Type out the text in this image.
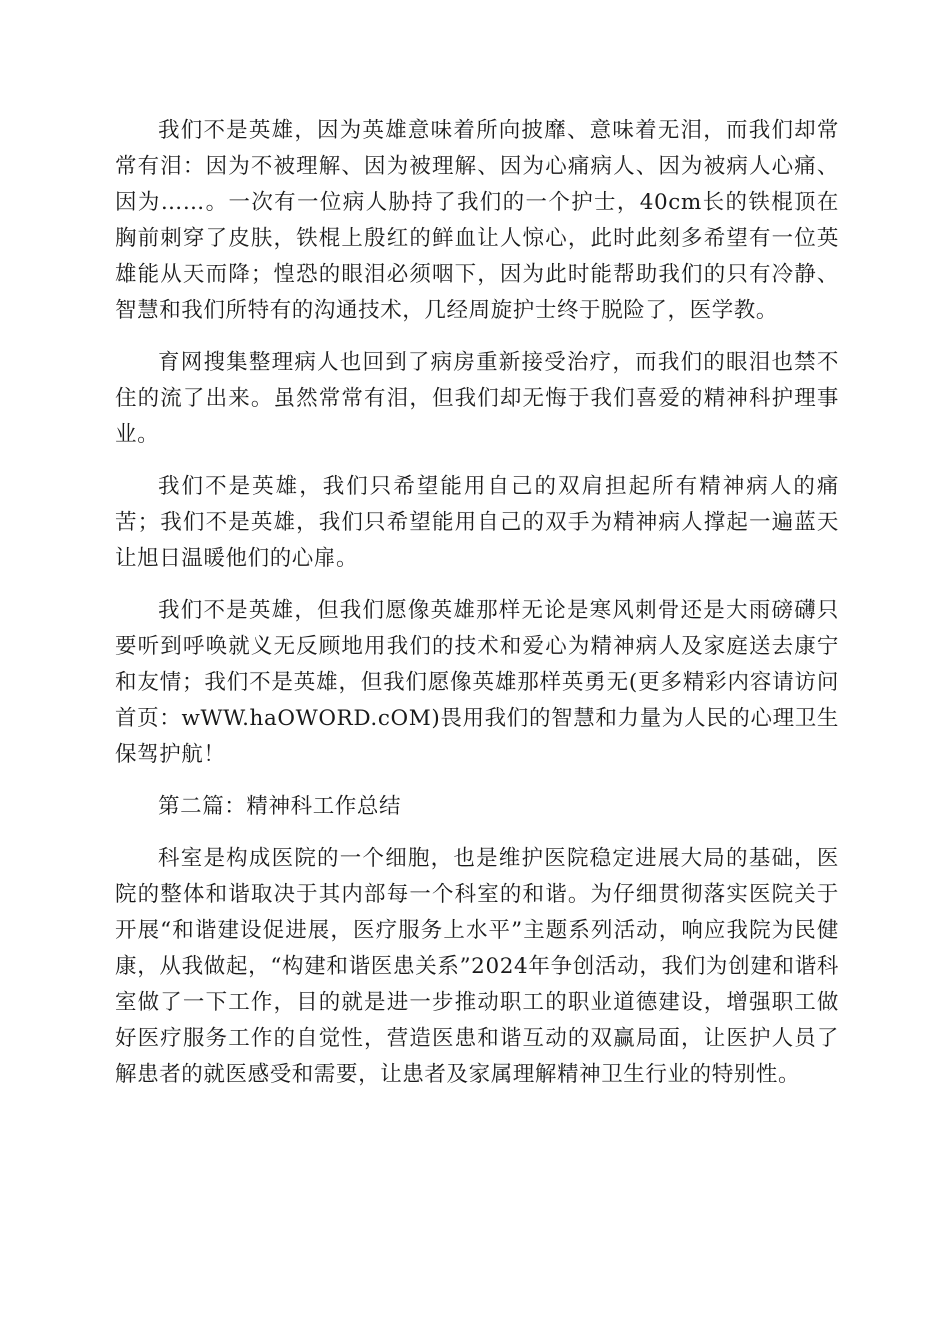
我们不是英雄，因为英雄意味着所向披靡、意味着无泪，而我们却常常有泪：因为不被理解、因为被理解、因为心痛病人、因为被病人心痛、因为……。一次有一位病人胁持了我们的一个护士，40cm长的铁棍顶在胸前刺穿了皮肤，铁棍上殷红的鲜血让人惊心，此时此刻多希望有一位英雄能从天而降；惶恐的眼泪必须咽下，因为此时能帮助我们的只有冷静、智慧和我们所特有的沟通技术，几经周旋护士终于脱险了，医学教。

育网搜集整理病人也回到了病房重新接受治疗，而我们的眼泪也禁不住的流了出来。虽然常常有泪，但我们却无悔于我们喜爱的精神科护理事业。

我们不是英雄，我们只希望能用自己的双肩担起所有精神病人的痛苦；我们不是英雄，我们只希望能用自己的双手为精神病人撑起一遍蓝天让旭日温暖他们的心扉。

我们不是英雄，但我们愿像英雄那样无论是寒风刺骨还是大雨磅礴只要听到呼唤就义无反顾地用我们的技术和爱心为精神病人及家庭送去康宁和友情；我们不是英雄，但我们愿像英雄那样英勇无(更多精彩内容请访问首页：wWW.haOWORD.cOM)畏用我们的智慧和力量为人民的心理卫生保驾护航！

第二篇：精神科工作总结

科室是构成医院的一个细胞，也是维护医院稳定进展大局的基础，医院的整体和谐取决于其内部每一个科室的和谐。为仔细贯彻落实医院关于开展“和谐建设促进展，医疗服务上水平”主题系列活动，响应我院为民健康，从我做起，“构建和谐医患关系”2024年争创活动，我们为创建和谐科室做了一下工作，目的就是进一步推动职工的职业道德建设，增强职工做好医疗服务工作的自觉性，营造医患和谐互动的双赢局面，让医护人员了解患者的就医感受和需要，让患者及家属理解精神卫生行业的特别性。
